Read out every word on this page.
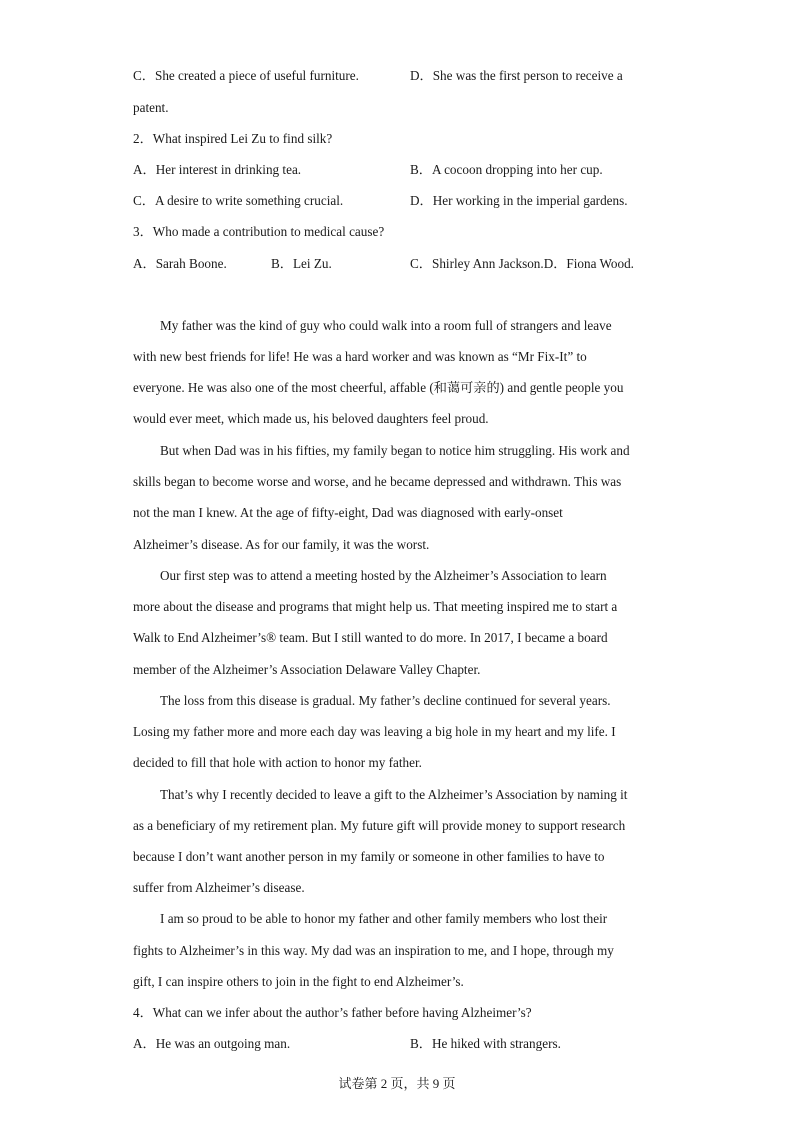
C．She created a piece of useful furniture.	D．She was the first person to receive a
patent.
2．What inspired Lei Zu to find silk?
A．Her interest in drinking tea.	B．A cocoon dropping into her cup.
C．A desire to write something crucial.	D．Her working in the imperial gardens.
3．Who made a contribution to medical cause?
A．Sarah Boone.	B．Lei Zu.	C．Shirley Ann Jackson.D．Fiona Wood.
My father was the kind of guy who could walk into a room full of strangers and leave
with new best friends for life! He was a hard worker and was known as “Mr Fix-It” to
everyone. He was also one of the most cheerful, affable (和蔼可亲的) and gentle people you
would ever meet, which made us, his beloved daughters feel proud.
But when Dad was in his fifties, my family began to notice him struggling. His work and
skills began to become worse and worse, and he became depressed and withdrawn. This was
not the man I knew. At the age of fifty-eight, Dad was diagnosed with early-onset
Alzheimer’s disease. As for our family, it was the worst.
Our first step was to attend a meeting hosted by the Alzheimer’s Association to learn
more about the disease and programs that might help us. That meeting inspired me to start a
Walk to End Alzheimer’s® team. But I still wanted to do more. In 2017, I became a board
member of the Alzheimer’s Association Delaware Valley Chapter.
The loss from this disease is gradual. My father’s decline continued for several years.
Losing my father more and more each day was leaving a big hole in my heart and my life. I
decided to fill that hole with action to honor my father.
That’s why I recently decided to leave a gift to the Alzheimer’s Association by naming it
as a beneficiary of my retirement plan. My future gift will provide money to support research
because I don’t want another person in my family or someone in other families to have to
suffer from Alzheimer’s disease.
I am so proud to be able to honor my father and other family members who lost their
fights to Alzheimer’s in this way. My dad was an inspiration to me, and I hope, through my
gift, I can inspire others to join in the fight to end Alzheimer’s.
4．What can we infer about the author’s father before having Alzheimer’s?
A．He was an outgoing man.	B．He hiked with strangers.
试卷第 2 页，共 9 页
